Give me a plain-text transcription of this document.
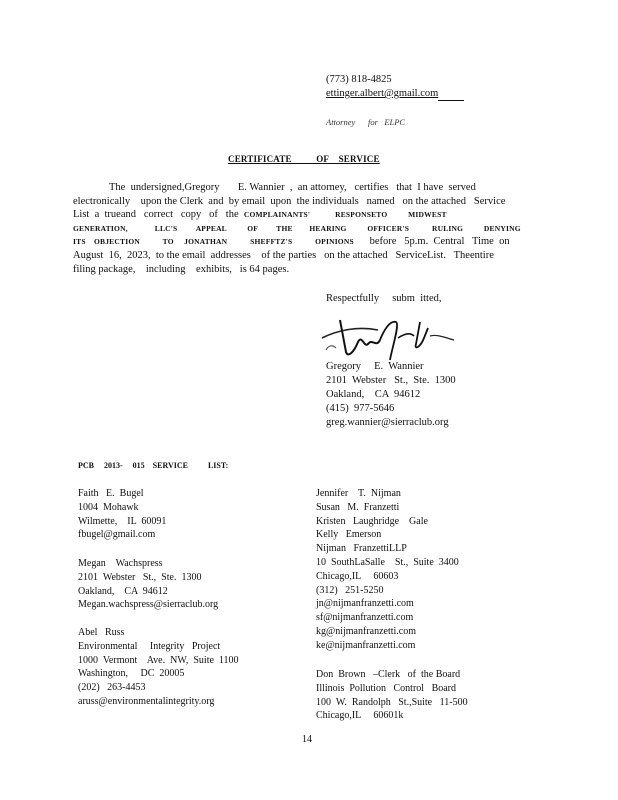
(773) 818-4825
ettinger.albert@gmail.com
Attorney      for   ELPC
CERTIFICATE          OF    SERVICE
The  undersigned,Gregory       E. Wannier  ,  an attorney,   certifies   that  I have  served
electronically    upon the Clerk  and  by email  upon  the individuals   named   on the attached   Service
List  a  trueand   correct   copy   of   the COMPLAINANTS'            RESPONSETO          MIDWEST
GENERATION,             LLC'S         APPEAL          OF         THE        HEARING          OFFICER'S           RULING          DENYING
ITS    OBJECTION           TO     JONATHAN           SHEFFTZ'S           OPINIONS before   5p.m.  Central   Time  on
August  16,  2023,  to the email  addresses    of the parties   on the attached   ServiceList.   Theentire
filing package,    including    exhibits,   is 64 pages.
Respectfully     subm  itted,
Gregory     E.  Wannier
2101  Webster   St.,  Ste.  1300
Oakland,    CA  94612
(415)  977-5646
greg.wannier@sierraclub.org
PCB     2013-     015    SERVICE          LIST:
Faith   E.  Bugel
1004  Mohawk
Wilmette,    IL  60091
fbugel@gmail.com
Megan    Wachspress
2101  Webster   St.,  Ste.  1300
Oakland,    CA  94612
Megan.wachspress@sierraclub.org
Abel   Russ
Environmental     Integrity   Project
1000  Vermont    Ave.  NW,  Suite  1100
Washington,     DC  20005
(202)   263-4453
aruss@environmentalintegrity.org
Jennifer    T.  Nijman
Susan   M.  Franzetti
Kristen   Laughridge    Gale
Kelly   Emerson
Nijman   FranzettiLLP
10  SouthLaSalle    St.,  Suite  3400
Chicago,IL     60603
(312)   251-5250
jn@nijmanfranzetti.com
sf@nijmanfranzetti.com
kg@nijmanfranzetti.com
ke@nijmanfranzetti.com
Don  Brown   –Clerk   of  the Board
Illinois  Pollution   Control   Board
100  W.  Randolph   St.,Suite   11-500
Chicago,IL     60601k
14
